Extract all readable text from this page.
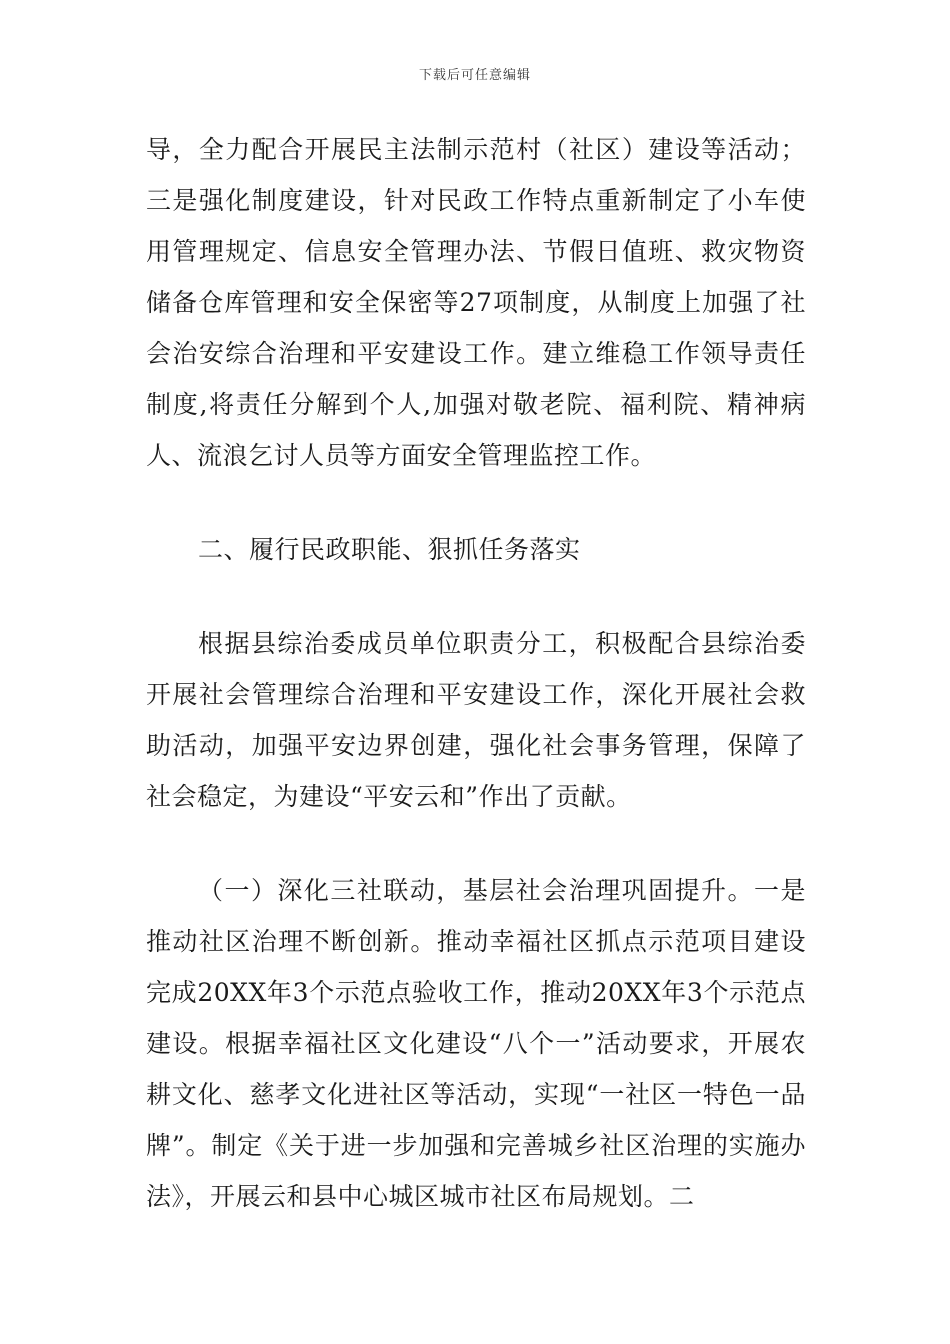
下载后可任意编辑

导，全力配合开展民主法制示范村（社区）建设等活动；三是强化制度建设，针对民政工作特点重新制定了小车使用管理规定、信息安全管理办法、节假日值班、救灾物资储备仓库管理和安全保密等27项制度，从制度上加强了社会治安综合治理和平安建设工作。建立维稳工作领导责任制度,将责任分解到个人,加强对敬老院、福利院、精神病人、流浪乞讨人员等方面安全管理监控工作。

二、履行民政职能、狠抓任务落实

根据县综治委成员单位职责分工，积极配合县综治委开展社会管理综合治理和平安建设工作，深化开展社会救助活动，加强平安边界创建，强化社会事务管理，保障了社会稳定，为建设“平安云和”作出了贡献。

（一）深化三社联动，基层社会治理巩固提升。一是推动社区治理不断创新。推动幸福社区抓点示范项目建设完成20XX年3个示范点验收工作，推动20XX年3个示范点建设。根据幸福社区文化建设“八个一”活动要求，开展农耕文化、慈孝文化进社区等活动，实现“一社区一特色一品牌”。制定《关于进一步加强和完善城乡社区治理的实施办法》，开展云和县中心城区城市社区布局规划。二
